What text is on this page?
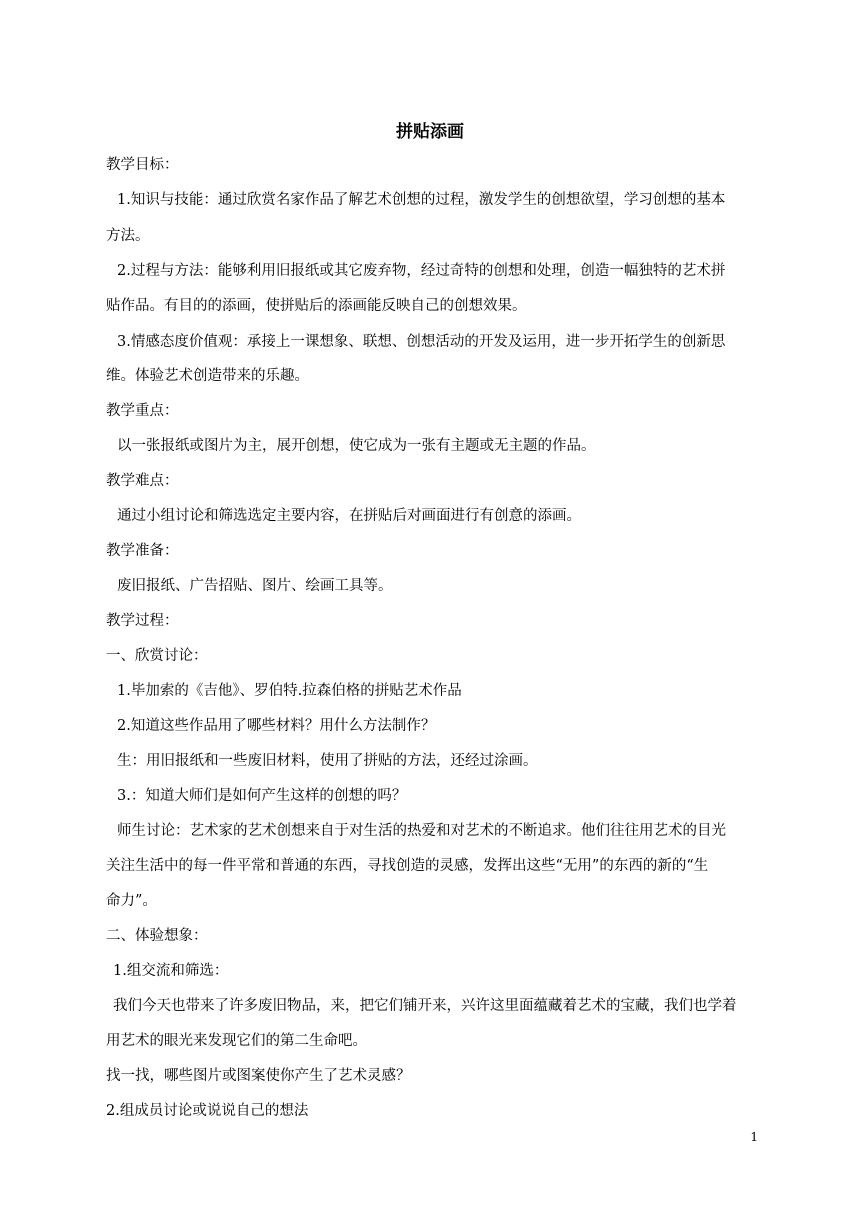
拼贴添画
教学目标：
1.知识与技能：通过欣赏名家作品了解艺术创想的过程，激发学生的创想欲望，学习创想的基本
方法。
2.过程与方法：能够利用旧报纸或其它废弃物，经过奇特的创想和处理，创造一幅独特的艺术拼
贴作品。有目的的添画，使拼贴后的添画能反映自己的创想效果。
3.情感态度价值观：承接上一课想象、联想、创想活动的开发及运用，进一步开拓学生的创新思
维。体验艺术创造带来的乐趣。
教学重点：
以一张报纸或图片为主，展开创想，使它成为一张有主题或无主题的作品。
教学难点：
通过小组讨论和筛选选定主要内容，在拼贴后对画面进行有创意的添画。
教学准备：
废旧报纸、广告招贴、图片、绘画工具等。
教学过程：
一、欣赏讨论：
1.毕加索的《吉他》、罗伯特.拉森伯格的拼贴艺术作品
2.知道这些作品用了哪些材料？用什么方法制作？
生：用旧报纸和一些废旧材料，使用了拼贴的方法，还经过涂画。
3.：知道大师们是如何产生这样的创想的吗？
师生讨论：艺术家的艺术创想来自于对生活的热爱和对艺术的不断追求。他们往往用艺术的目光
关注生活中的每一件平常和普通的东西，寻找创造的灵感，发挥出这些“无用”的东西的新的“生
命力”。
二、体验想象：
1.组交流和筛选：
我们今天也带来了许多废旧物品，来，把它们铺开来，兴许这里面蕴藏着艺术的宝藏，我们也学着
用艺术的眼光来发现它们的第二生命吧。
找一找，哪些图片或图案使你产生了艺术灵感？
2.组成员讨论或说说自己的想法
1
